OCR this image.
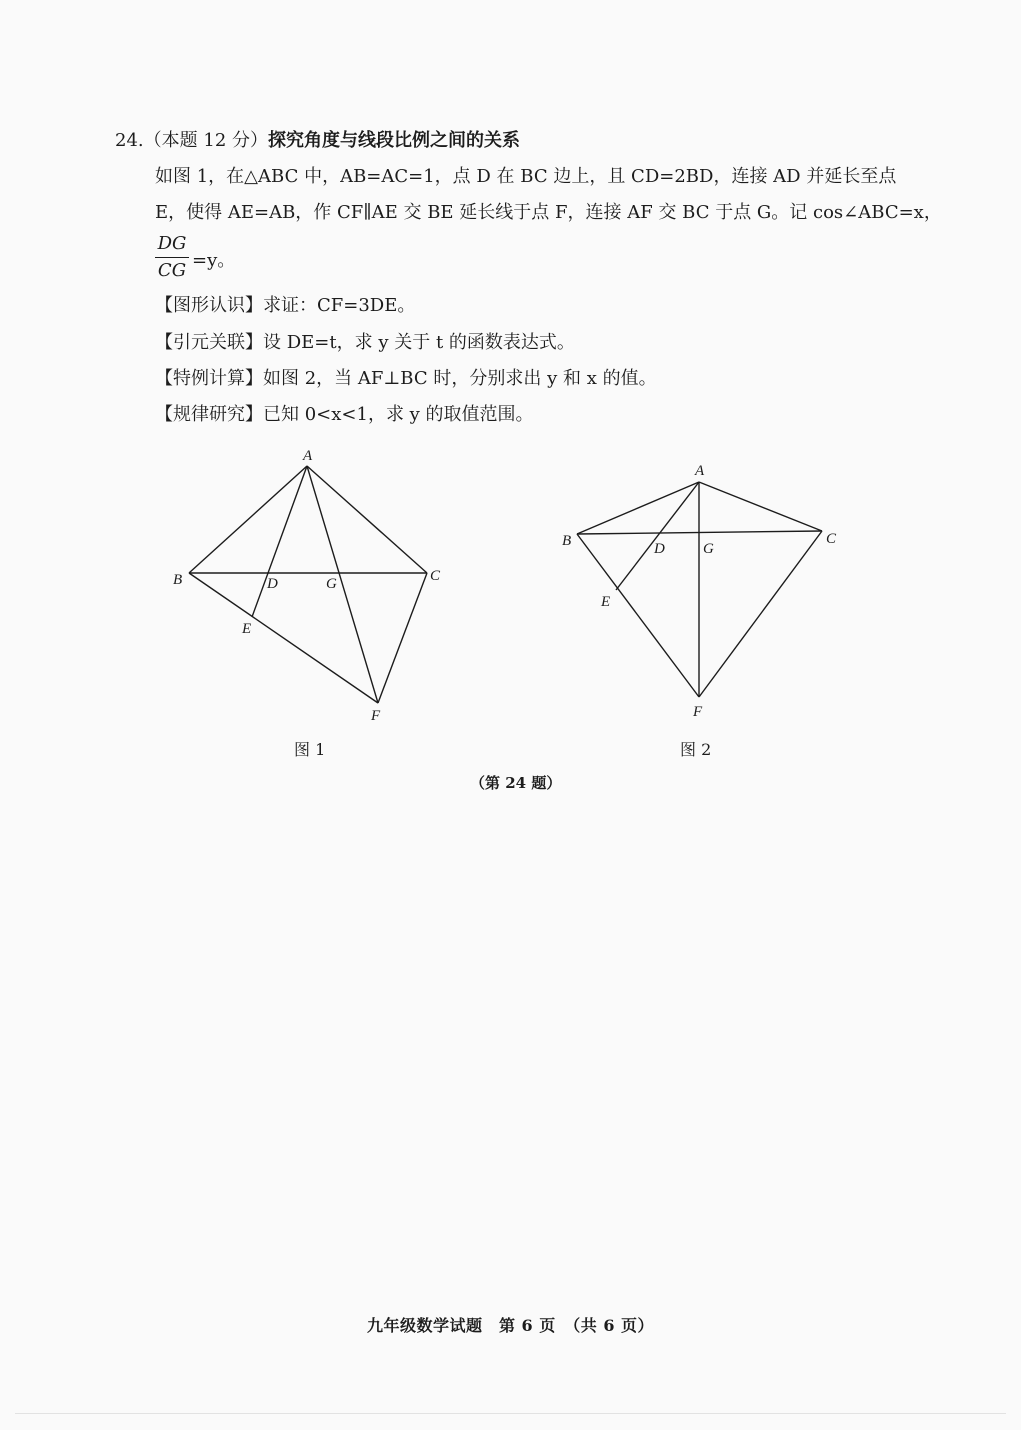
24.（本题 12 分）探究角度与线段比例之间的关系
如图 1，在△ABC 中，AB=AC=1，点 D 在 BC 边上，且 CD=2BD，连接 AD 并延长至点
E，使得 AE=AB，作 CF∥AE 交 BE 延长线于点 F，连接 AF 交 BC 于点 G。记 cos∠ABC=x，
DG
CG =y。
【图形认识】求证：CF=3DE。
【引元关联】设 DE=t，求 y 关于 t 的函数表达式。
【特例计算】如图 2，当 AF⊥BC 时，分别求出 y 和 x 的值。
【规律研究】已知 0<x<1，求 y 的取值范围。
A
B	C
D
E
F
G
A
B	C
D
E
F
G
图 1	图 2
（第 24 题）
九年级数学试题　第 6 页　（共 6 页）
